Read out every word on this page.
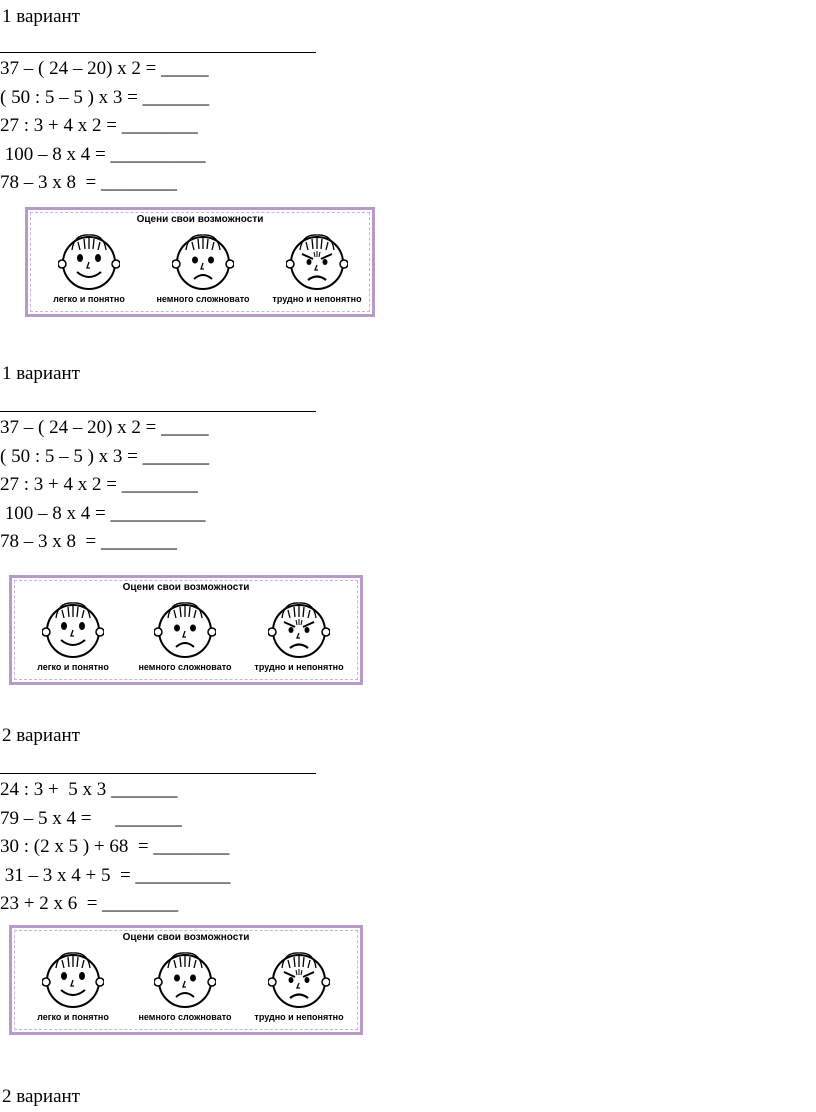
1 вариант
37 – ( 24 – 20) х 2 = _____
( 50 : 5 – 5 ) х 3 = _______
27 : 3 + 4 х 2 = ________
100 – 8 х 4 = __________
78 – 3 х 8  = ________
Оцени свои возможности
легко и понятно	немного сложновато	трудно и непонятно
1 вариант
37 – ( 24 – 20) х 2 = _____
( 50 : 5 – 5 ) х 3 = _______
27 : 3 + 4 х 2 = ________
100 – 8 х 4 = __________
78 – 3 х 8  = ________
Оцени свои возможности
легко и понятно	немного сложновато	трудно и непонятно
2 вариант
24 : 3 +  5 х 3 _______
79 – 5 х 4 =     _______
30 : (2 х 5 ) + 68  = ________
31 – 3 х 4 + 5  = __________
23 + 2 х 6  = ________
Оцени свои возможности
легко и понятно	немного сложновато	трудно и непонятно
2 вариант
